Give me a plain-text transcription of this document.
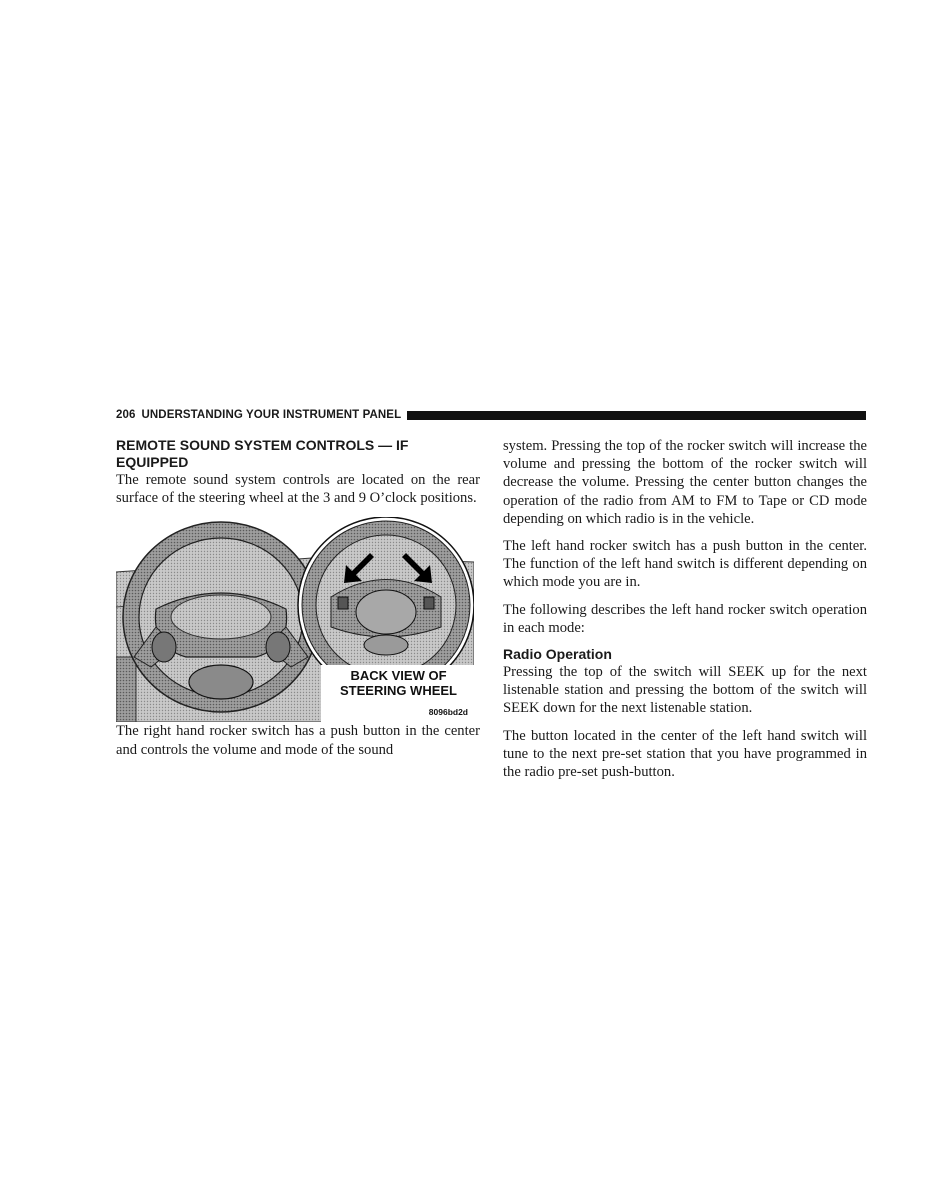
206 UNDERSTANDING YOUR INSTRUMENT PANEL
REMOTE SOUND SYSTEM CONTROLS — IF EQUIPPED

The remote sound system controls are located on the rear surface of the steering wheel at the 3 and 9 O’clock positions.

BACK VIEW OF
STEERING WHEEL
8096bd2d

The right hand rocker switch has a push button in the center and controls the volume and mode of the sound

system. Pressing the top of the rocker switch will increase the volume and pressing the bottom of the rocker switch will decrease the volume. Pressing the center button changes the operation of the radio from AM to FM to Tape or CD mode depending on which radio is in the vehicle.

The left hand rocker switch has a push button in the center. The function of the left hand switch is different depending on which mode you are in.

The following describes the left hand rocker switch operation in each mode:

Radio Operation

Pressing the top of the switch will SEEK up for the next listenable station and pressing the bottom of the switch will SEEK down for the next listenable station.

The button located in the center of the left hand switch will tune to the next pre-set station that you have programmed in the radio pre-set push-button.
